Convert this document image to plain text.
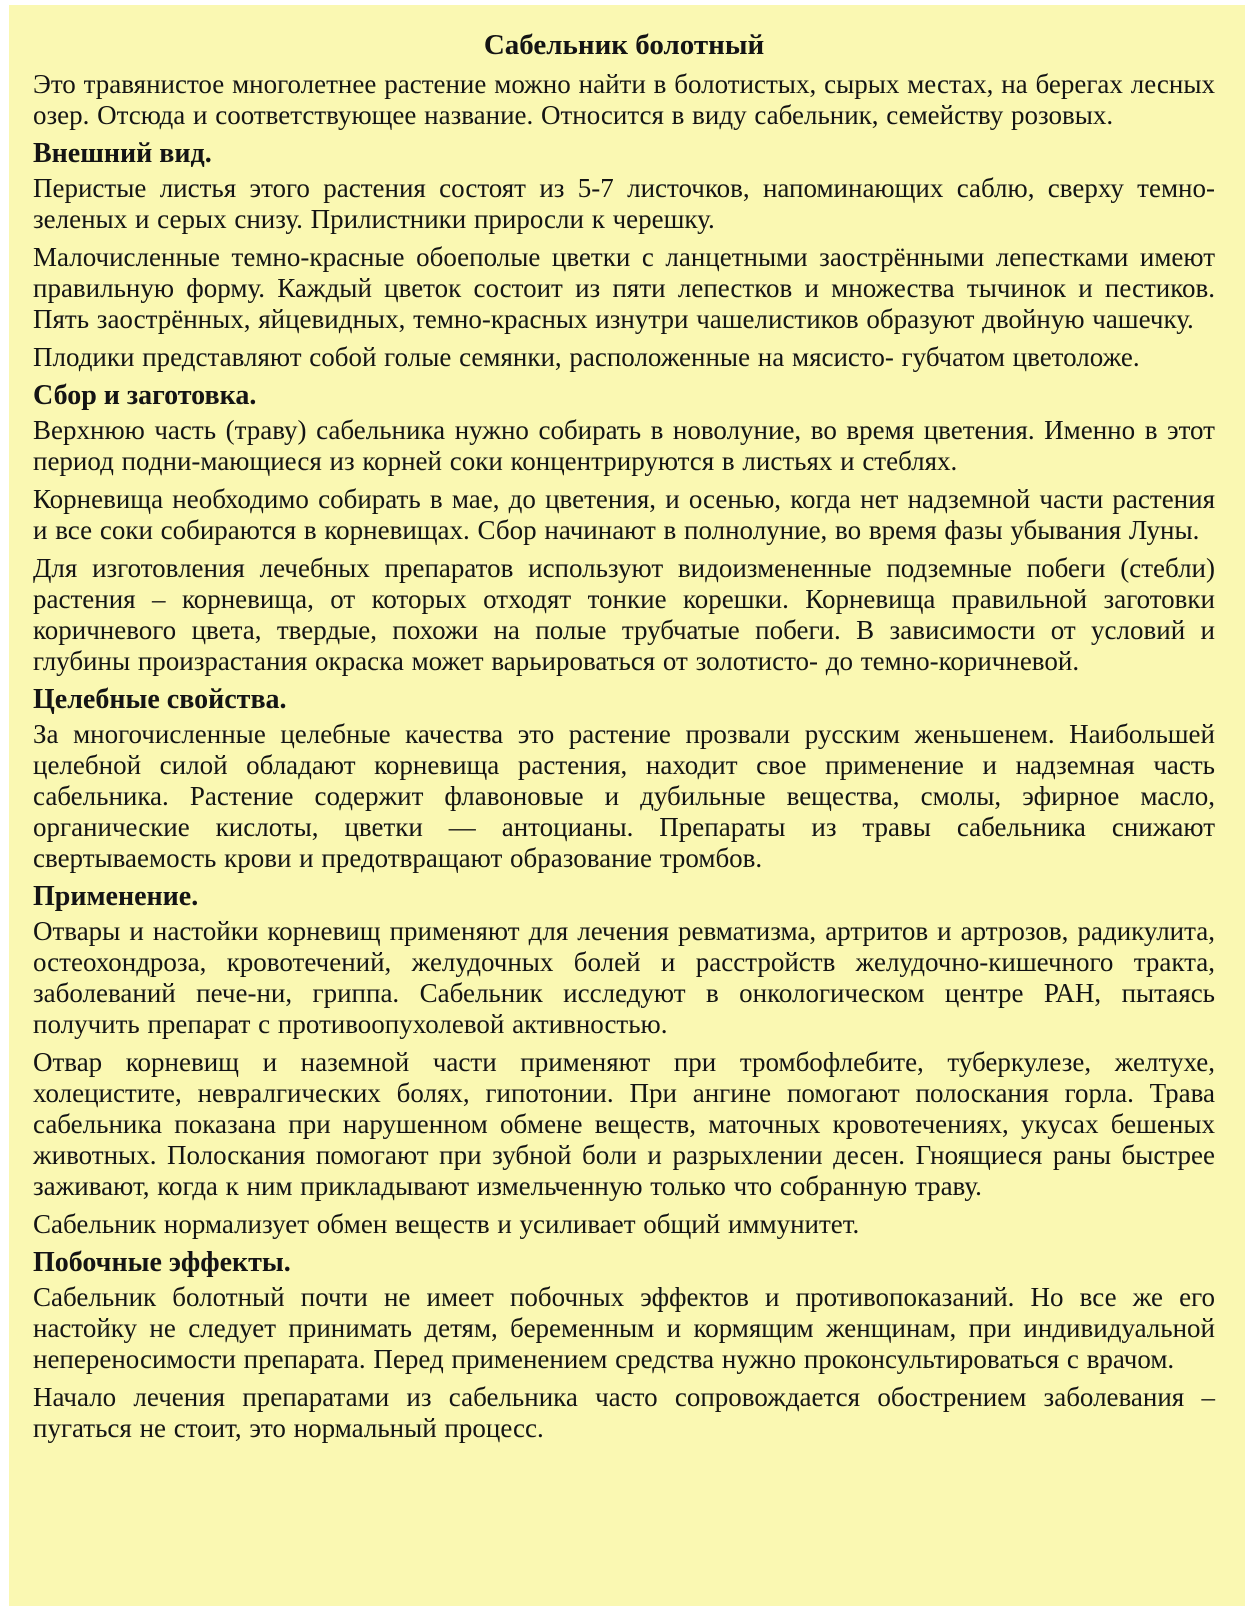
Сабельник болотный
Это травянистое многолетнее растение можно найти в болотистых, сырых местах, на берегах лесных озер. Отсюда и соответствующее название. Относится в виду сабельник, семейству розовых.
Внешний вид.
Перистые листья этого растения состоят из 5-7 листочков, напоминающих саблю, сверху темно-зеленых и серых снизу. Прилистники приросли к черешку.
Малочисленные темно-красные обоеполые цветки с ланцетными заострёнными лепестками имеют правильную форму. Каждый цветок состоит из пяти лепестков и множества тычинок и пестиков. Пять заострённых, яйцевидных, темно-красных изнутри чашелистиков образуют двойную чашечку.
Плодики представляют собой голые семянки, расположенные на мясисто- губчатом цветоложе.
Сбор и заготовка.
Верхнюю часть (траву) сабельника нужно собирать в новолуние, во время цветения. Именно в этот период подни-мающиеся из корней соки концентрируются в листьях и стеблях.
Корневища необходимо собирать в мае, до цветения, и осенью, когда нет надземной части растения и все соки собираются в корневищах. Сбор начинают в полнолуние, во время фазы убывания Луны.
Для изготовления лечебных препаратов используют видоизмененные подземные побеги (стебли) растения – корневища, от которых отходят тонкие корешки. Корневища правильной заготовки коричневого цвета, твердые, похожи на полые трубчатые побеги. В зависимости от условий и глубины произрастания окраска может варьироваться от золотисто- до темно-коричневой.
Целебные свойства.
За многочисленные целебные качества это растение прозвали русским женьшенем. Наибольшей целебной силой обладают корневища растения, находит свое применение и надземная часть сабельника. Растение содержит флавоновые и дубильные вещества, смолы, эфирное масло, органические кислоты, цветки — антоцианы. Препараты из травы сабельника снижают свертываемость крови и предотвращают образование тромбов.
Применение.
Отвары и настойки корневищ применяют для лечения ревматизма, артритов и артрозов, радикулита, остеохондроза, кровотечений, желудочных болей и расстройств желудочно-кишечного тракта, заболеваний пече-ни, гриппа. Сабельник исследуют в онкологическом центре РАН, пытаясь получить препарат с противоопухолевой активностью.
Отвар корневищ и наземной части применяют при тромбофлебите, туберкулезе, желтухе, холецистите, невралгических болях, гипотонии. При ангине помогают полоскания горла. Трава сабельника показана при нарушенном обмене веществ, маточных кровотечениях, укусах бешеных животных. Полоскания помогают при зубной боли и разрыхлении десен. Гноящиеся раны быстрее заживают, когда к ним прикладывают измельченную только что собранную траву.
Сабельник нормализует обмен веществ и усиливает общий иммунитет.
Побочные эффекты.
Сабельник болотный почти не имеет побочных эффектов и противопоказаний. Но все же его настойку не следует принимать детям, беременным и кормящим женщинам, при индивидуальной непереносимости препарата. Перед применением средства нужно проконсультироваться с врачом.
Начало лечения препаратами из сабельника часто сопровождается обострением заболевания – пугаться не стоит, это нормальный процесс.
